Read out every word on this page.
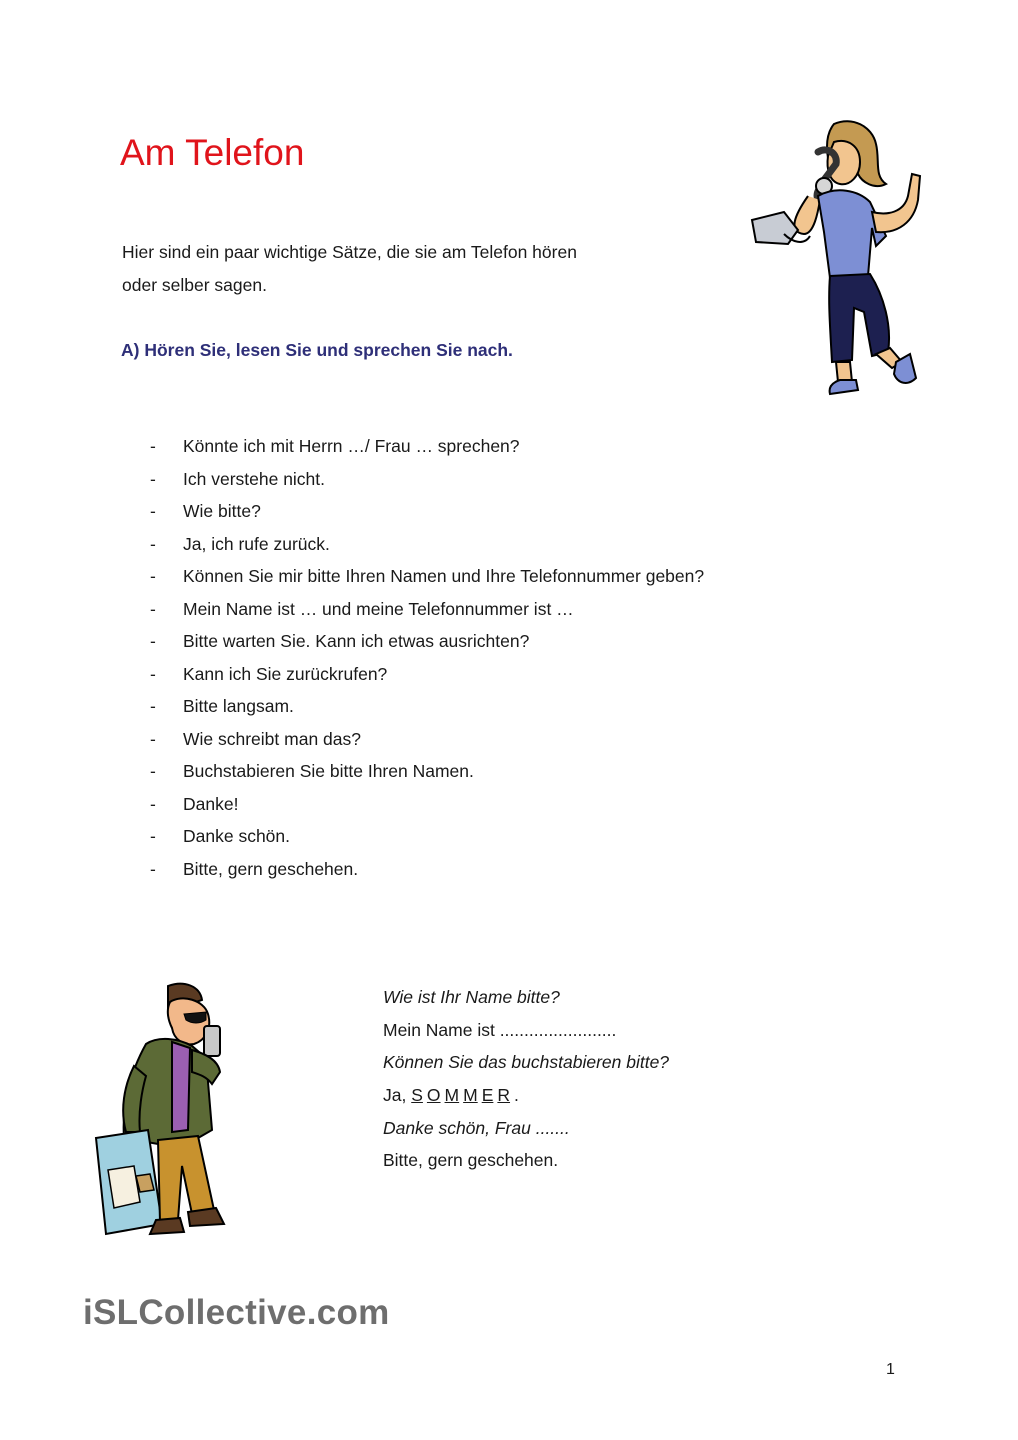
Am Telefon
Hier sind ein paar wichtige Sätze, die sie am Telefon hören
oder selber sagen.
A) Hören Sie, lesen Sie und sprechen Sie nach.
-	Könnte ich mit Herrn …/ Frau … sprechen?
-	Ich verstehe nicht.
-	Wie bitte?
-	Ja, ich rufe zurück.
-	Können Sie mir bitte Ihren Namen und Ihre Telefonnummer geben?
-	Mein Name ist … und meine Telefonnummer ist …
-	Bitte warten Sie. Kann ich etwas ausrichten?
-	Kann ich Sie zurückrufen?
-	Bitte langsam.
-	Wie schreibt man das?
-	Buchstabieren Sie bitte Ihren Namen.
-	Danke!
-	Danke schön.
-	Bitte, gern geschehen.
Wie ist Ihr Name bitte?
Mein Name ist ........................
Können Sie das buchstabieren bitte?
Ja, S O M M E R .
Danke schön, Frau .......
Bitte, gern geschehen.
iSLCollective.com
1
